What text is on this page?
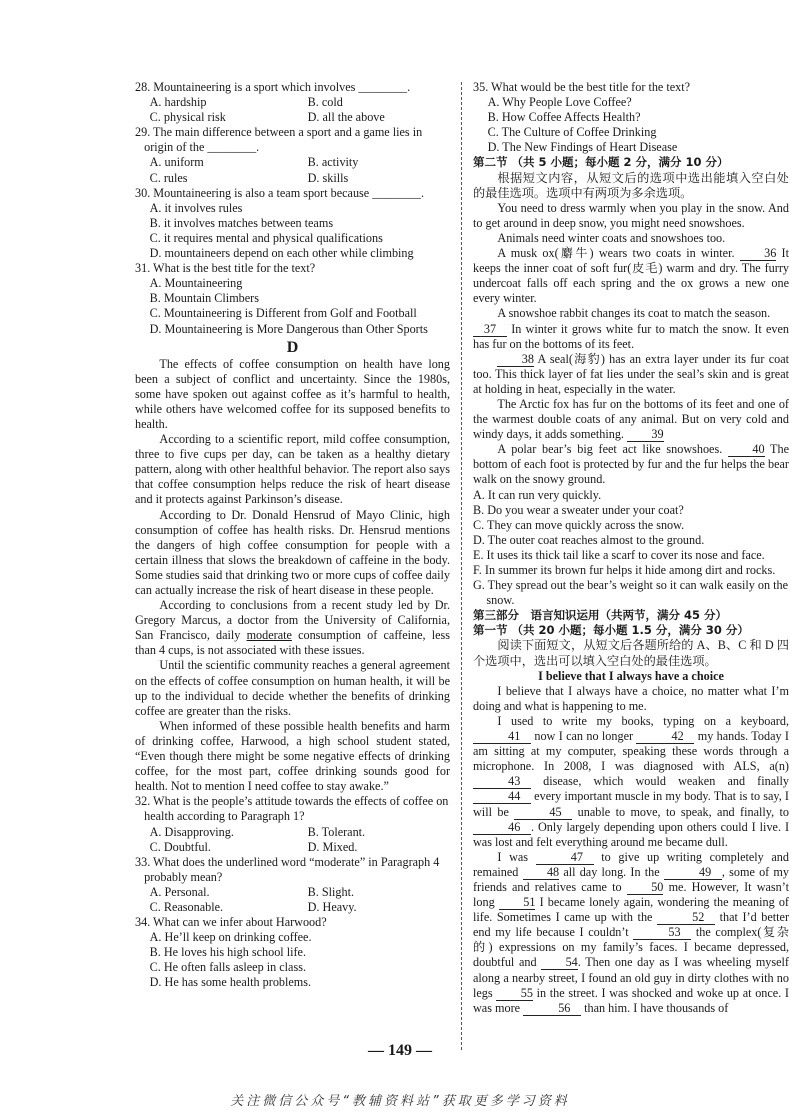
28. Mountaineering is a sport which involves ________.

A. hardship	B. cold
C. physical risk	D. all the above

29. The main difference between a sport and a game lies in origin of the ________.

A. uniform	B. activity
C. rules	D. skills

30. Mountaineering is also a team sport because ________.

A. it involves rules

B. it involves matches between teams

C. it requires mental and physical qualifications

D. mountaineers depend on each other while climbing

31. What is the best title for the text?

A. Mountaineering

B. Mountain Climbers

C. Mountaineering is Different from Golf and Football

D. Mountaineering is More Dangerous than Other Sports

D

The effects of coffee consumption on health have long been a subject of conflict and uncertainty. Since the 1980s, some have spoken out against coffee as it’s harmful to health, while others have welcomed coffee for its supposed benefits to health.

According to a scientific report, mild coffee consumption, three to five cups per day, can be taken as a healthy dietary pattern, along with other healthful behavior. The report also says that coffee consumption helps reduce the risk of heart disease and it protects against Parkinson’s disease.

According to Dr. Donald Hensrud of Mayo Clinic, high consumption of coffee has health risks. Dr. Hensrud mentions the dangers of high coffee consumption for people with a certain illness that slows the breakdown of caffeine in the body. Some studies said that drinking two or more cups of coffee daily can actually increase the risk of heart disease in these people.

According to conclusions from a recent study led by Dr. Gregory Marcus, a doctor from the University of California, San Francisco, daily moderate consumption of caffeine, less than 4 cups, is not associated with these issues.

Until the scientific community reaches a general agreement on the effects of coffee consumption on human health, it will be up to the individual to decide whether the benefits of drinking coffee are greater than the risks.

When informed of these possible health benefits and harm of drinking coffee, Harwood, a high school student stated, “Even though there might be some negative effects of drinking coffee, for the most part, coffee drinking sounds good for health. Not to mention I need coffee to stay awake.”

32. What is the people’s attitude towards the effects of coffee on health according to Paragraph 1?

A. Disapproving.	B. Tolerant.
C. Doubtful.	D. Mixed.

33. What does the underlined word “moderate” in Paragraph 4 probably mean?

A. Personal.	B. Slight.
C. Reasonable.	D. Heavy.

34. What can we infer about Harwood?

A. He’ll keep on drinking coffee.

B. He loves his high school life.

C. He often falls asleep in class.

D. He has some health problems.

35. What would be the best title for the text?

A. Why People Love Coffee?

B. How Coffee Affects Health?

C. The Culture of Coffee Drinking

D. The New Findings of Heart Disease

第二节 （共 5 小题；每小题 2 分，满分 10 分）

根据短文内容，从短文后的选项中选出能填入空白处的最佳选项。选项中有两项为多余选项。

You need to dress warmly when you play in the snow. And to get around in deep snow, you might need snowshoes.

Animals need winter coats and snowshoes too.

A musk ox(麝牛) wears two coats in winter. 36 It keeps the inner coat of soft fur(皮毛) warm and dry. The furry undercoat falls off each spring and the ox grows a new one every winter.

A snowshoe rabbit changes its coat to match the season.

37 In winter it grows white fur to match the snow. It even has fur on the bottoms of its feet.

38 A seal(海豹) has an extra layer under its fur coat too. This thick layer of fat lies under the seal’s skin and is great at holding in heat, especially in the water.

The Arctic fox has fur on the bottoms of its feet and one of the warmest double coats of any animal. But on very cold and windy days, it adds something. 39

A polar bear’s big feet act like snowshoes. 40 The bottom of each foot is protected by fur and the fur helps the bear walk on the snowy ground.

A. It can run very quickly.

B. Do you wear a sweater under your coat?

C. They can move quickly across the snow.

D. The outer coat reaches almost to the ground.

E. It uses its thick tail like a scarf to cover its nose and face.

F. In summer its brown fur helps it hide among dirt and rocks.

G. They spread out the bear’s weight so it can walk easily on the snow.

第三部分　语言知识运用（共两节，满分 45 分）

第一节 （共 20 小题；每小题 1.5 分，满分 30 分）

阅读下面短文，从短文后各题所给的 A、B、C 和 D 四个选项中，选出可以填入空白处的最佳选项。

I believe that I always have a choice

I believe that I always have a choice, no matter what I’m doing and what is happening to me.

I used to write my books, typing on a keyboard, 41 now I can no longer	42 my hands. Today I am sitting at my computer, speaking these words through a microphone. In 2008, I was diagnosed with ALS, a(n) 43 disease, which would weaken and finally 44 every important muscle in my body. That is to say, I will be	45 unable to move, to speak, and finally, to 46 . Only largely depending upon others could I live. I was lost and felt everything around me became dull.

I was	47 to give up writing completely and remained 48 all day long. In the	49 , some of my friends and relatives came to 50 me. However, It wasn’t long 51 I became lonely again, wondering the meaning of life. Sometimes I came up with the	52 that I’d better end my life because I couldn’t	53 the complex(复杂的) expressions on my family’s faces. I became depressed, doubtful and 54. Then one day as I was wheeling myself along a nearby street, I found an old guy in dirty clothes with no legs 55 in the street. I was shocked and woke up at once. I was more	56 than him. I have thousands of

— 149 —
关注微信公众号“教辅资料站”获取更多学习资料
